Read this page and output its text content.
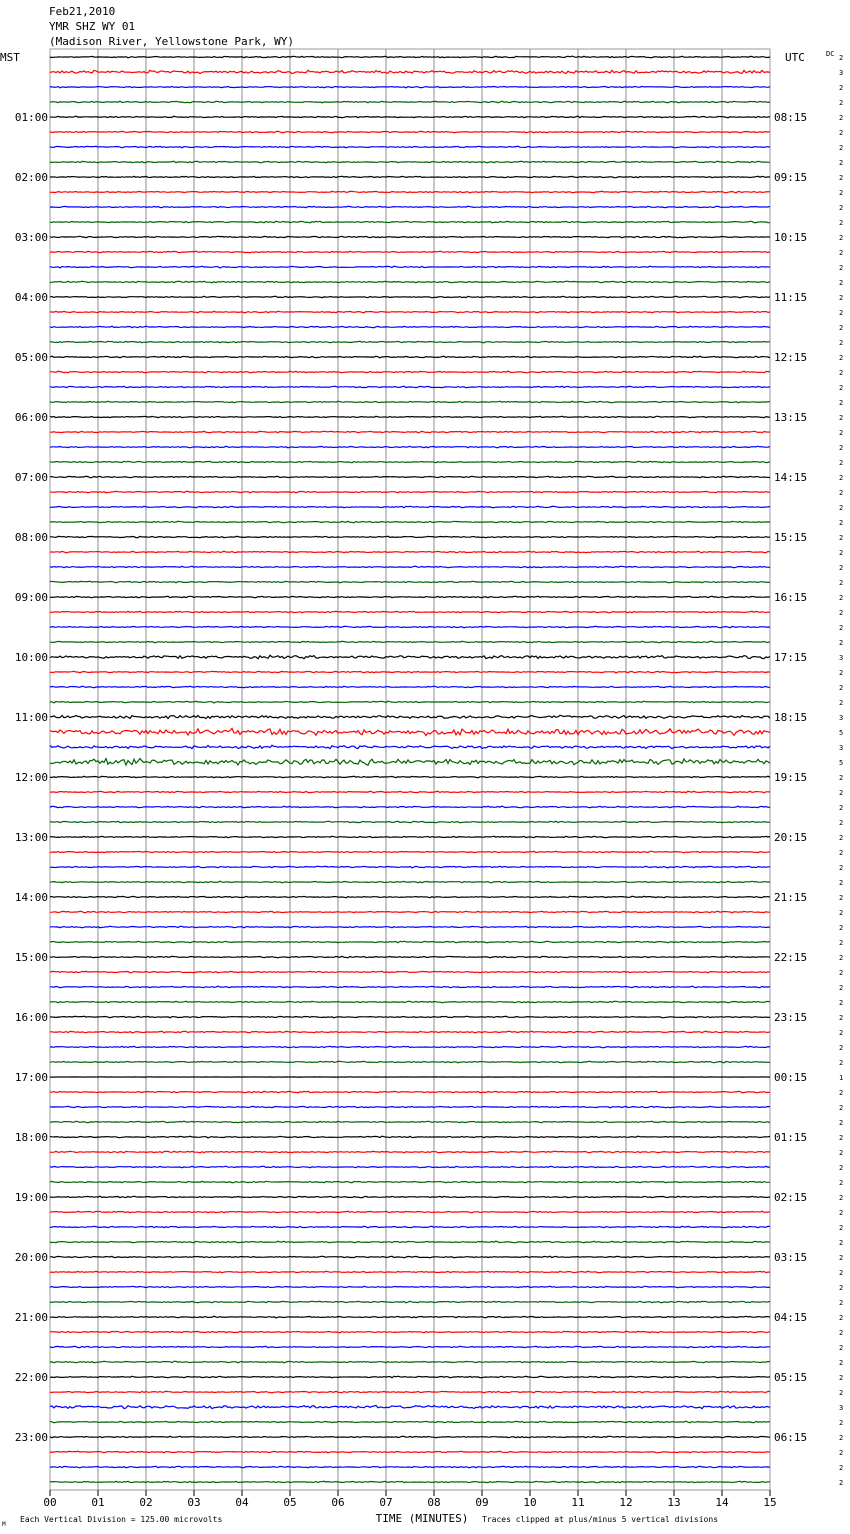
Feb21,2010
YMR SHZ WY 01
(Madison River, Yellowstone Park, WY)
01:00
02:00
03:00
04:00
05:00
06:00
07:00
08:00
09:00
10:00
11:00
12:00
13:00
14:00
15:00
16:00
17:00
18:00
19:00
20:00
21:00
22:00
23:00
08:15
09:15
10:15
11:15
12:15
13:15
14:15
15:15
16:15
17:15
18:15
19:15
20:15
21:15
22:15
23:15
00:15
01:15
02:15
03:15
04:15
05:15
06:15
MST	UTC	DC 2
3
2
2
2
2
2
2
2
2
2
2
2
2
2
2
2
2
2
2
2
2
2
2
2
2
2
2
2
2
2
2
2
2
2
2
2
2
2
2
3
2
2
2
3
5
3
5
2
2
2
2
2
2
2
2
2
2
2
2
2
2
2
2
2
2
2
2
1
2
2
2
2
2
2
2
2
2
2
2
2
2
2
2
2
2
2
2
2
2
3
2
2
2
2
2
00	01	02	03	04	05	06	07	08	09	10	11	12	13	14	15
TIME (MINUTES)
Each Vertical Division = 125.00 microvolts	Traces clipped at plus/minus 5 vertical divisions
M
